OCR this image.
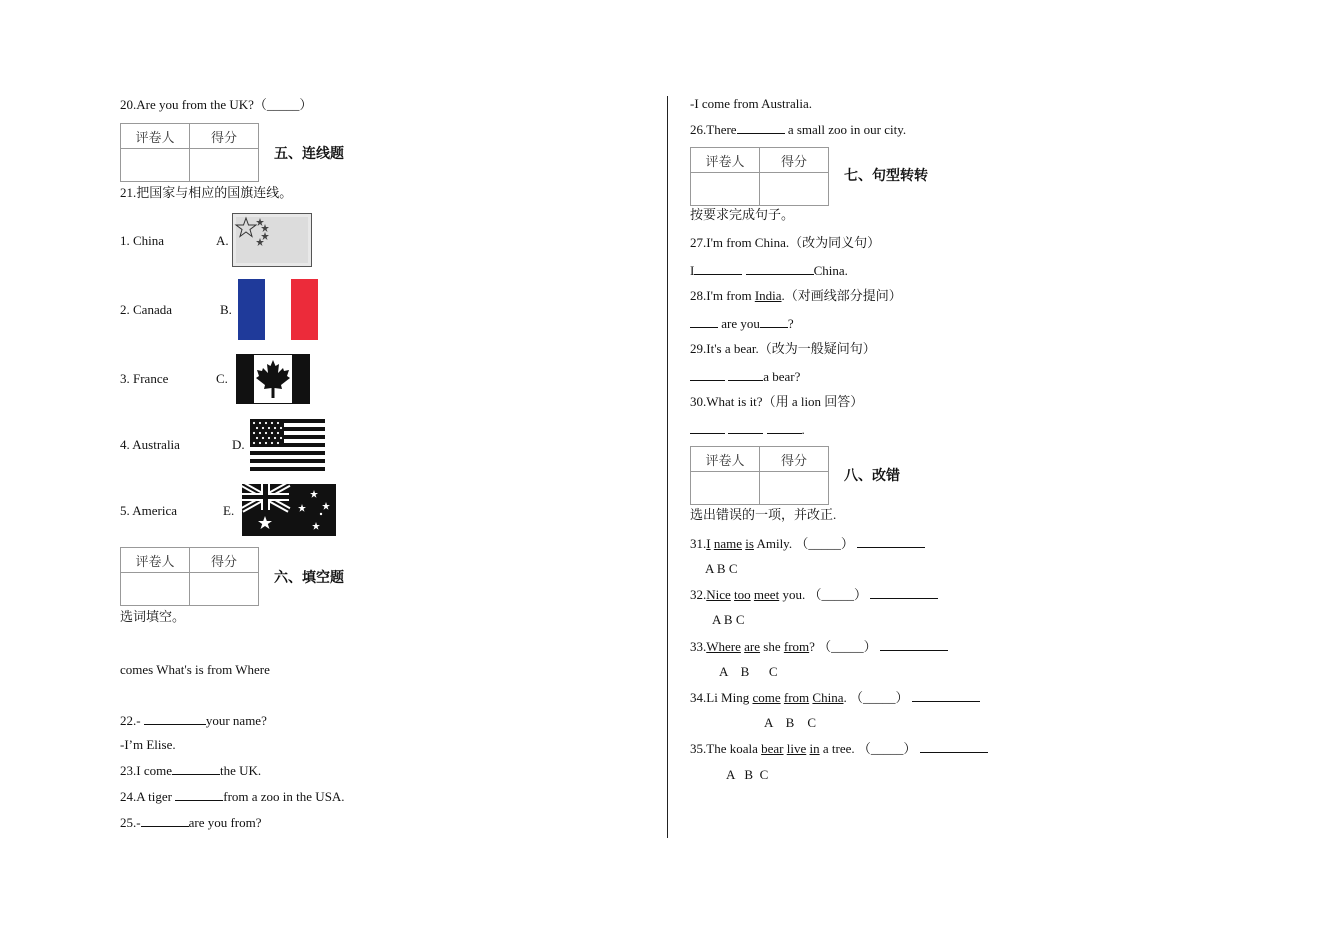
20.Are you from the UK?（_____）
评卷人	得分

五、连线题
21.把国家与相应的国旗连线。
1. China	A.
2. Canada	B.
3. France	C.
4. Australia	D.
5. America	E.
评卷人	得分

六、填空题
选词填空。
comes What's is from Where
22.-	your name?
-I’m Elise.
23.I come	the UK.
24.A tiger	from a zoo in the USA.
25.-	are you from?
-I come from Australia.
26.There	a small zoo in our city.
评卷人	得分

七、句型转转
按要求完成句子。
27.I'm from China.（改为同义句）
I	China.
28.I'm from India.（对画线部分提问）
are you ?
29.It's a bear.（改为一般疑问句）
a bear?
30.What is it?（用 a lion 回答）
.
评卷人	得分

八、改错
选出错误的一项，并改正.
31.I name is Amily. （_____）
A B C
32.Nice too meet you. （_____）
A B C
33.Where are she from? （_____）
A    B      C
34.Li Ming come from China. （_____）
A    B    C
35.The koala bear live in a tree. （_____）
A   B  C
